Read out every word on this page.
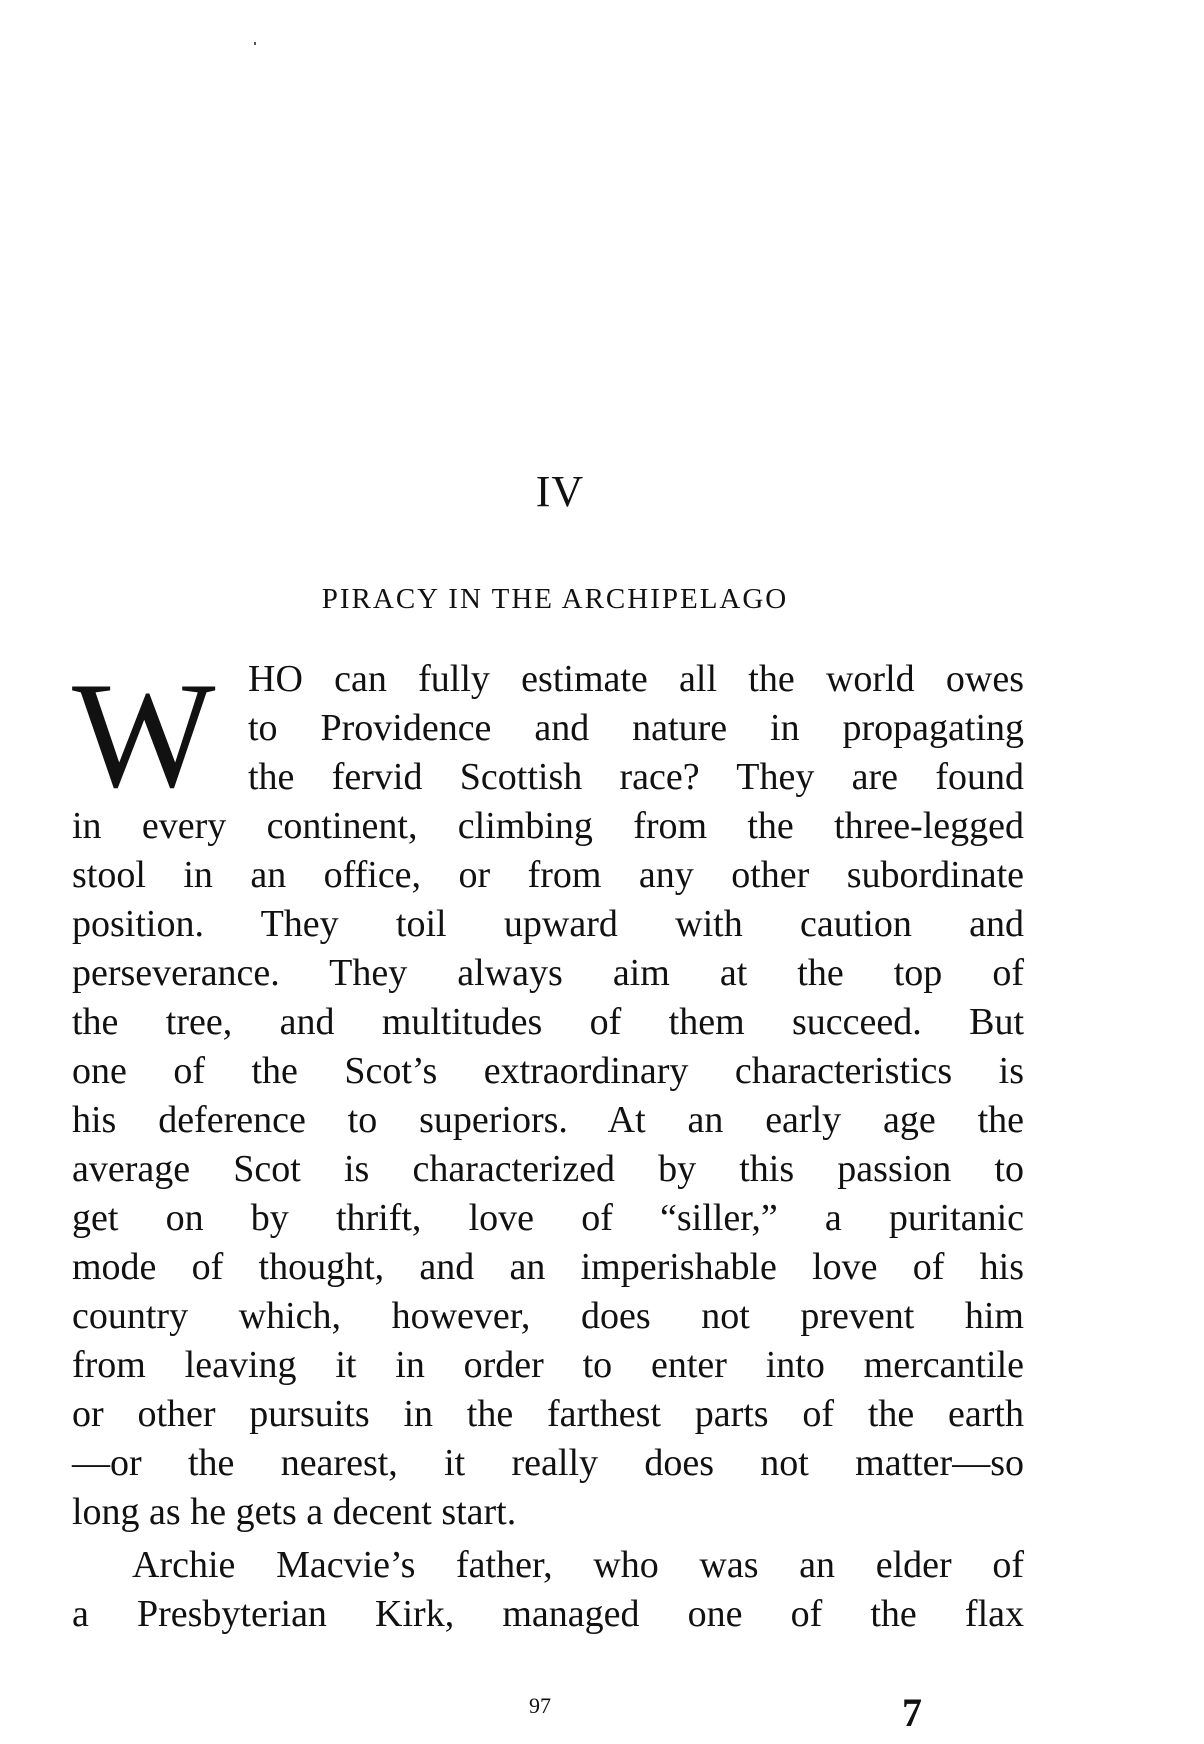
IV
PIRACY IN THE ARCHIPELAGO
W HO can fully estimate all the world owes
to Providence and nature in propagating
the fervid Scottish race? They are found
in every continent, climbing from the three-legged
stool in an office, or from any other subordinate
position. They toil upward with caution and
perseverance. They always aim at the top of
the tree, and multitudes of them succeed. But
one of the Scot’s extraordinary characteristics is
his deference to superiors. At an early age the
average Scot is characterized by this passion to
get on by thrift, love of “siller,” a puritanic
mode of thought, and an imperishable love of his
country which, however, does not prevent him
from leaving it in order to enter into mercantile
or other pursuits in the farthest parts of the earth
—or the nearest, it really does not matter—so
long as he gets a decent start.
Archie Macvie’s father, who was an elder of
a Presbyterian Kirk, managed one of the flax
97	7
